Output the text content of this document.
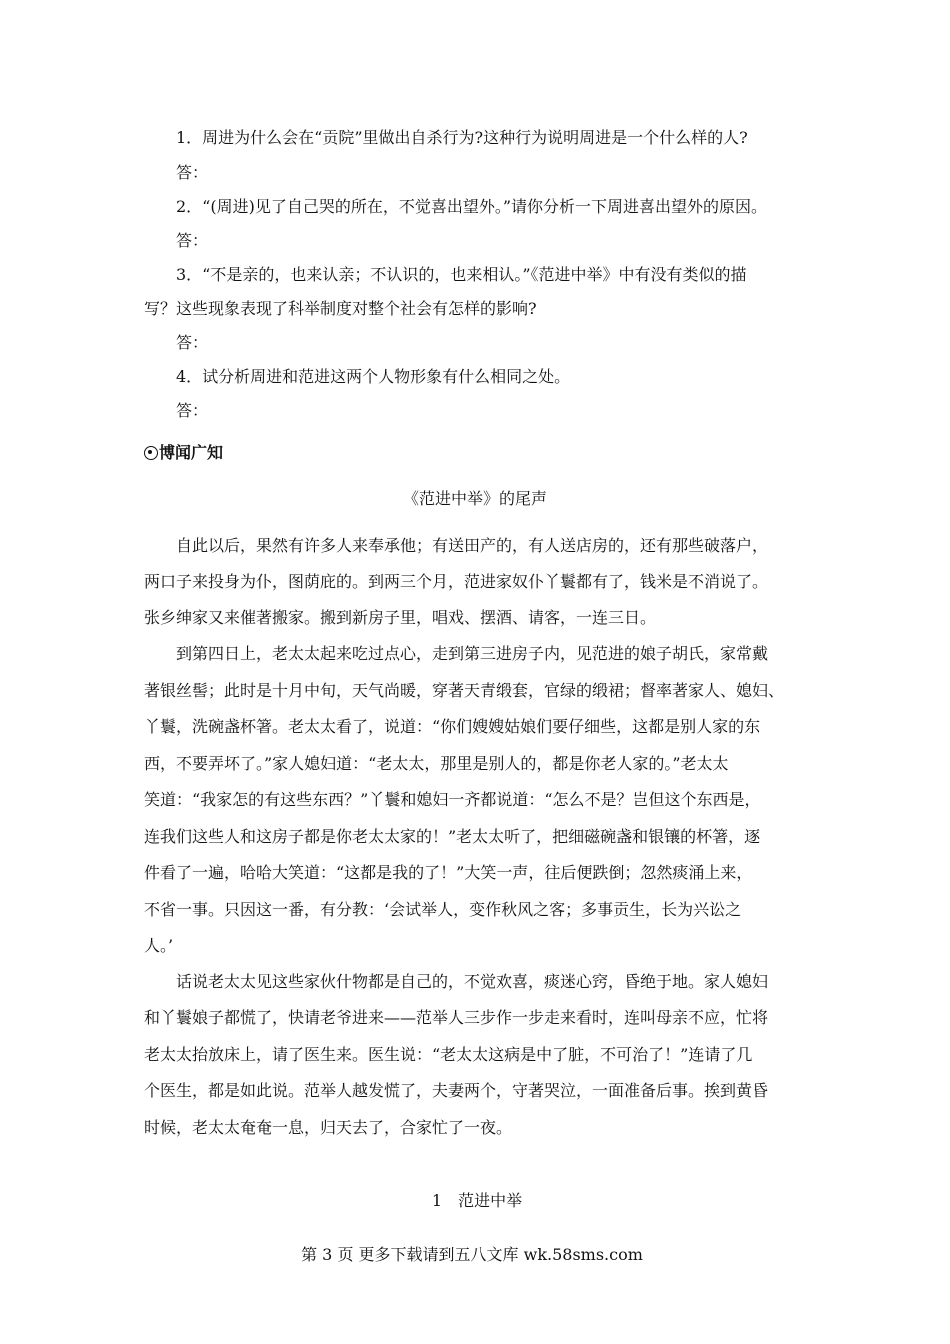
1．周进为什么会在“贡院”里做出自杀行为?这种行为说明周进是一个什么样的人?
答：
2．“(周进)见了自己哭的所在，不觉喜出望外。”请你分析一下周进喜出望外的原因。
答：
3．“不是亲的，也来认亲；不认识的，也来相认。”《范进中举》中有没有类似的描
写？这些现象表现了科举制度对整个社会有怎样的影响?
答：
4．试分析周进和范进这两个人物形象有什么相同之处。
答：
博闻广知
《范进中举》的尾声
自此以后，果然有许多人来奉承他；有送田产的，有人送店房的，还有那些破落户，
两口子来投身为仆，图荫庇的。到两三个月，范进家奴仆丫鬟都有了，钱米是不消说了。
张乡绅家又来催著搬家。搬到新房子里，唱戏、摆酒、请客，一连三日。
到第四日上，老太太起来吃过点心，走到第三进房子内，见范进的娘子胡氏，家常戴
著银丝髻；此时是十月中旬，天气尚暖，穿著天青缎套，官绿的缎裙；督率著家人、媳妇、
丫鬟，洗碗盏杯箸。老太太看了，说道：“你们嫂嫂姑娘们要仔细些，这都是别人家的东
西，不要弄坏了。”家人媳妇道：“老太太，那里是别人的，都是你老人家的。”老太太
笑道：“我家怎的有这些东西？”丫鬟和媳妇一齐都说道：“怎么不是？岂但这个东西是，
连我们这些人和这房子都是你老太太家的！”老太太听了，把细磁碗盏和银镶的杯箸，逐
件看了一遍，哈哈大笑道：“这都是我的了！”大笑一声，往后便跌倒；忽然痰涌上来，
不省一事。只因这一番，有分教：‘会试举人，变作秋风之客；多事贡生，长为兴讼之
人。’
话说老太太见这些家伙什物都是自己的，不觉欢喜，痰迷心窍，昏绝于地。家人媳妇
和丫鬟娘子都慌了，快请老爷进来——范举人三步作一步走来看时，连叫母亲不应，忙将
老太太抬放床上，请了医生来。医生说：“老太太这病是中了脏，不可治了！”连请了几
个医生，都是如此说。范举人越发慌了，夫妻两个，守著哭泣，一面准备后事。挨到黄昏
时候，老太太奄奄一息，归天去了，合家忙了一夜。
1　范进中举
第 3 页 更多下载请到五八文库 wk.58sms.com
